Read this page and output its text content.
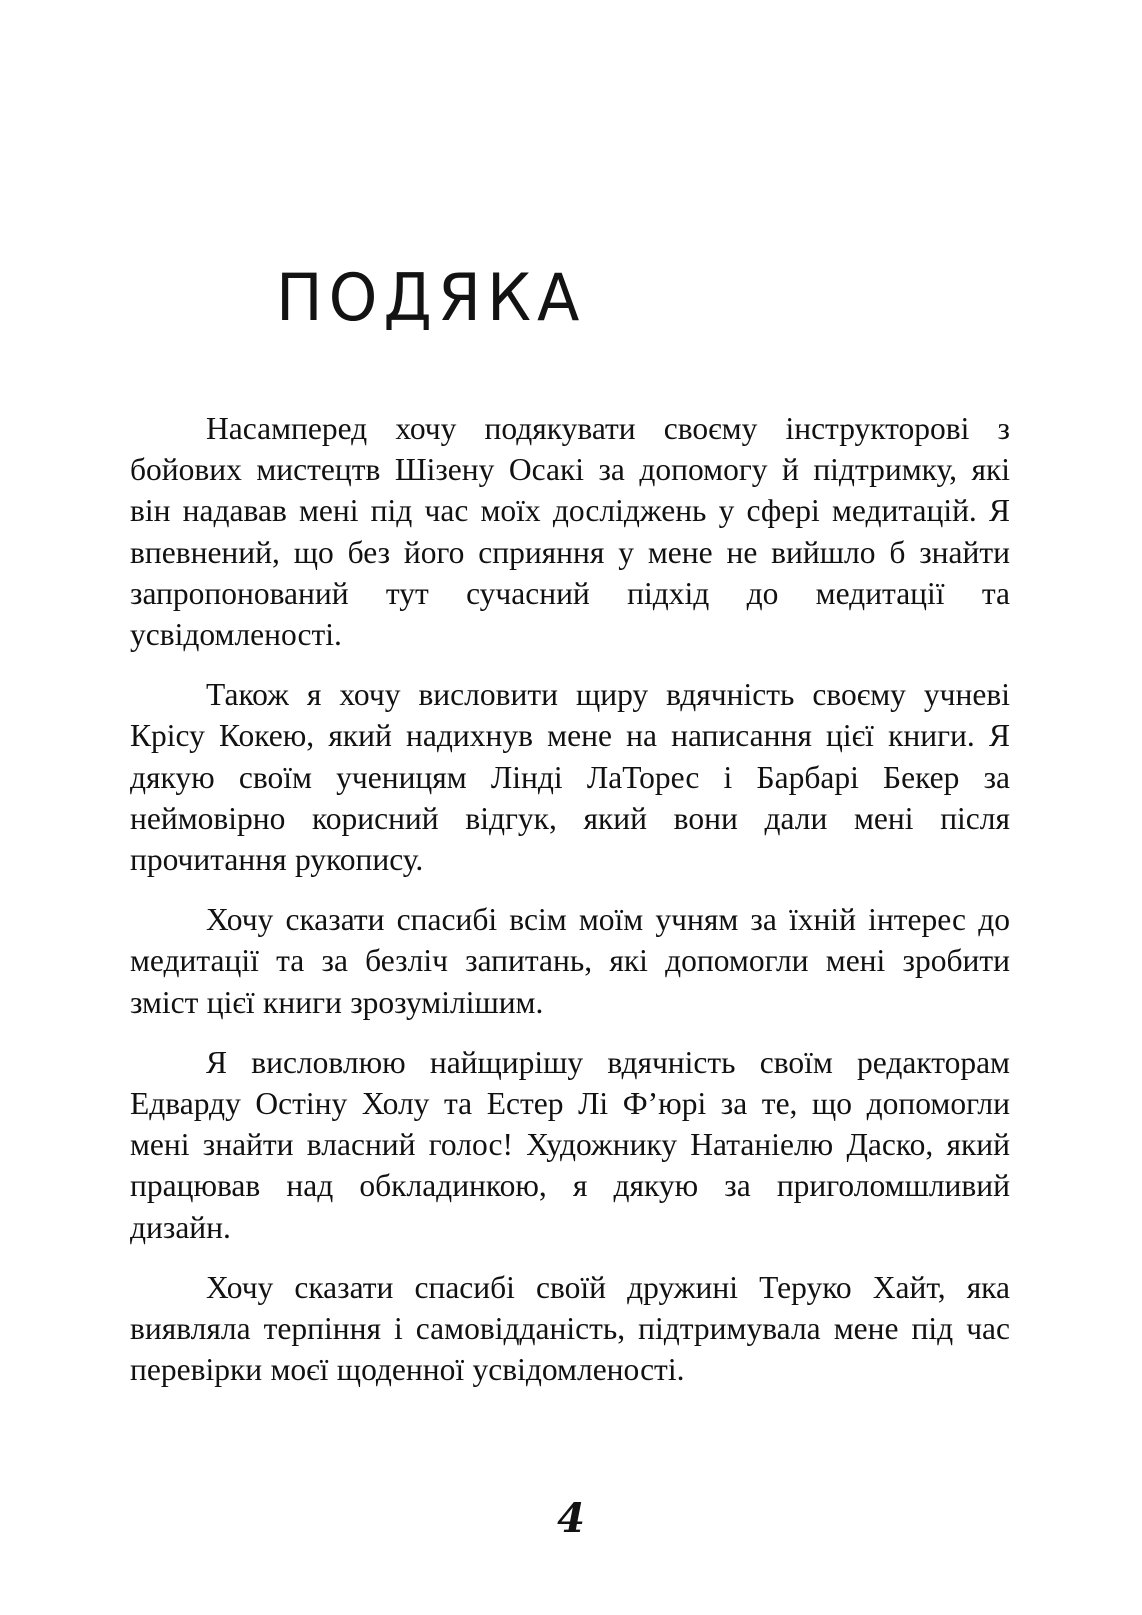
ПОДЯКА

Насамперед хочу подякувати своєму інструкторові з бойових мистецтв Шізену Осакі за допомогу й підтримку, які він надавав мені під час моїх досліджень у сфері медитацій. Я впевнений, що без його сприяння у мене не вийшло б знайти запропонований тут сучасний підхід до медитації та усвідомленості.

Також я хочу висловити щиру вдячність своєму учневі Крісу Кокею, який надихнув мене на написання цієї книги. Я дякую своїм ученицям Лінді ЛаТорес і Барбарі Бекер за неймовірно корисний відгук, який вони дали мені після прочитання рукопису.

Хочу сказати спасибі всім моїм учням за їхній інтерес до медитації та за безліч запитань, які допомогли мені зробити зміст цієї книги зрозумілішим.

Я висловлюю найщирішу вдячність своїм редакторам Едварду Остіну Холу та Естер Лі Ф’юрі за те, що допомогли мені знайти власний голос! Художнику Натаніелю Даско, який працював над обкладинкою, я дякую за приголомшливий дизайн.

Хочу сказати спасибі своїй дружині Теруко Хайт, яка виявляла терпіння і самовідданість, підтримувала мене під час перевірки моєї щоденної усвідомленості.

4
